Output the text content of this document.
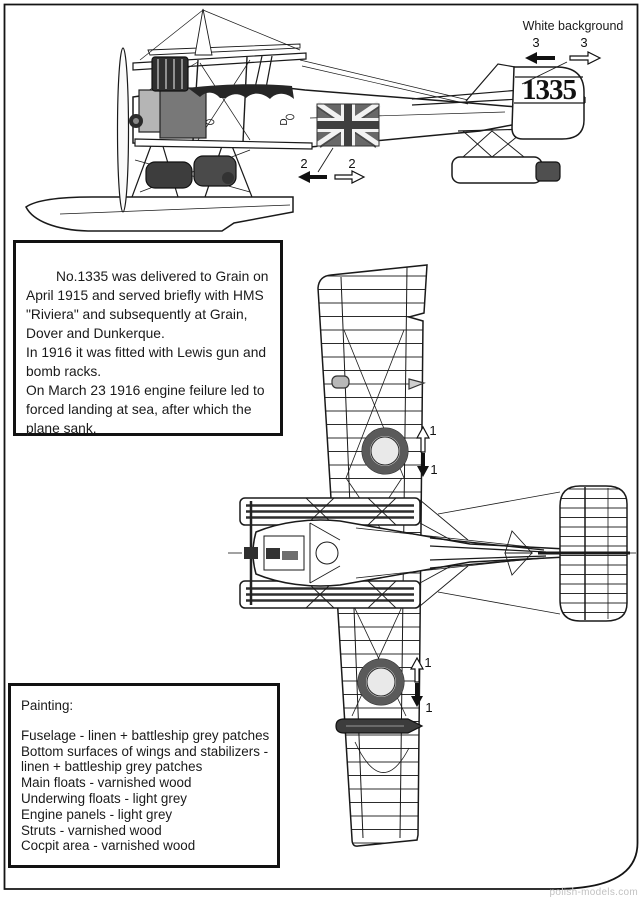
1335
D
2	2
3	3
1
1
1
1
No.1335 was delivered to Grain on
April 1915 and served briefly with HMS
"Riviera" and subsequently at Grain,
Dover and Dunkerque.
In 1916 it was fitted with Lewis gun and
bomb racks.
On March 23 1916 engine feilure led to
forced landing at sea, after which the
plane sank.
Painting:
Fuselage - linen + battleship grey patches
Bottom surfaces of wings and stabilizers -
linen + battleship grey patches
Main floats - varnished wood
Underwing floats - light grey
Engine panels - light grey
Struts - varnished wood
Cocpit area - varnished wood
White background
polish-models.com
